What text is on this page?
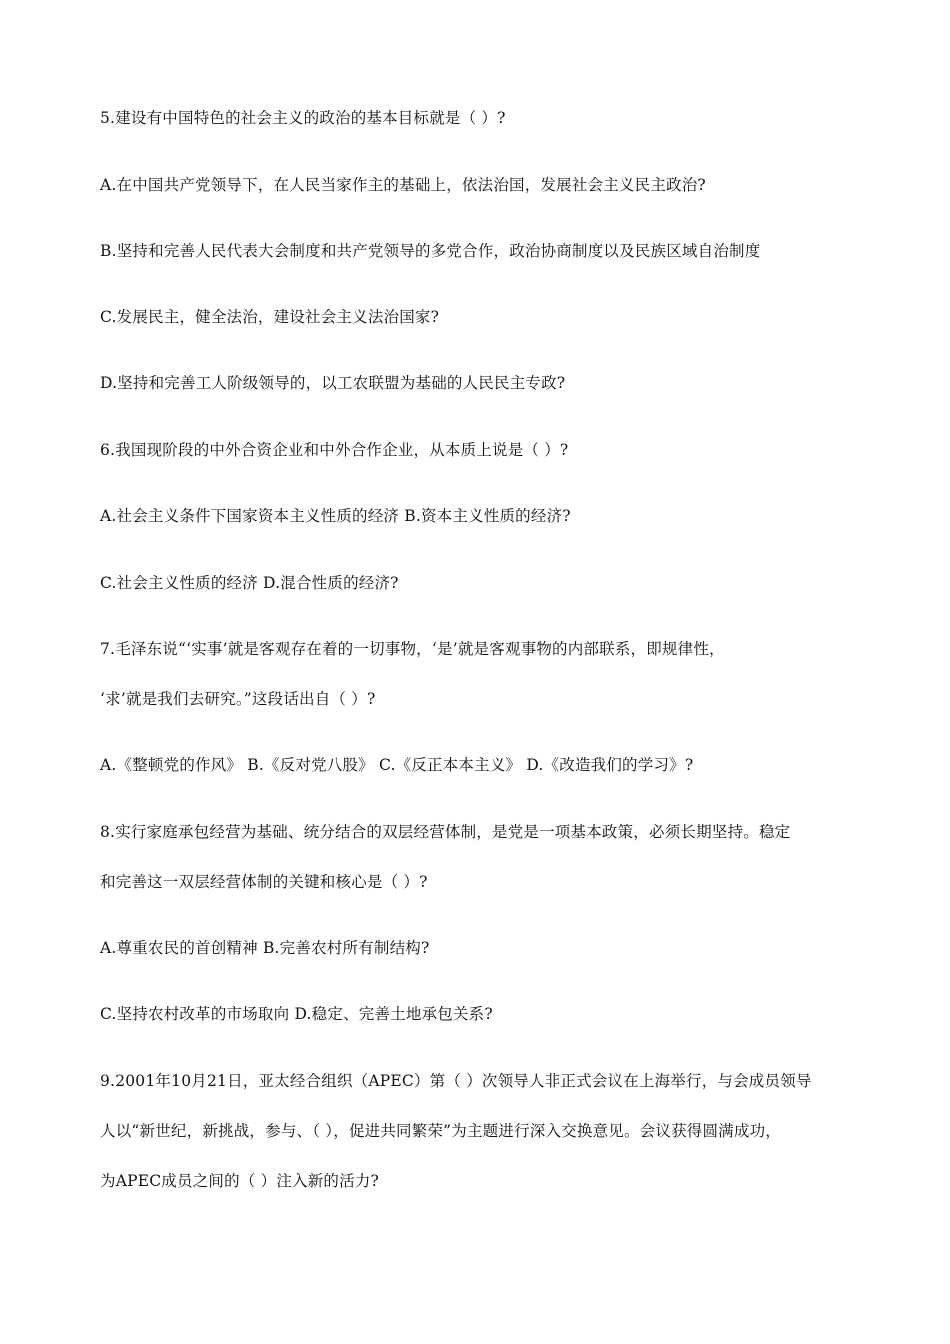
5.建设有中国特色的社会主义的政治的基本目标就是（ ）?
A.在中国共产党领导下，在人民当家作主的基础上，依法治国，发展社会主义民主政治?
B.坚持和完善人民代表大会制度和共产党领导的多党合作，政治协商制度以及民族区域自治制度
C.发展民主，健全法治，建设社会主义法治国家?
D.坚持和完善工人阶级领导的，以工农联盟为基础的人民民主专政?
6.我国现阶段的中外合资企业和中外合作企业，从本质上说是（ ）?
A.社会主义条件下国家资本主义性质的经济 B.资本主义性质的经济?
C.社会主义性质的经济 D.混合性质的经济?
7.毛泽东说“‘实事’就是客观存在着的一切事物，‘是’就是客观事物的内部联系，即规律性，
‘求’就是我们去研究。”这段话出自（ ）?
A.《整顿党的作风》 B.《反对党八股》 C.《反正本本主义》 D.《改造我们的学习》?
8.实行家庭承包经营为基础、统分结合的双层经营体制，是党是一项基本政策，必须长期坚持。稳定
和完善这一双层经营体制的关键和核心是（ ）?
A.尊重农民的首创精神 B.完善农村所有制结构?
C.坚持农村改革的市场取向 D.稳定、完善土地承包关系?
9.2001年10月21日，亚太经合组织（APEC）第（ ）次领导人非正式会议在上海举行，与会成员领导
人以“新世纪，新挑战，参与、（ ），促进共同繁荣”为主题进行深入交换意见。会议获得圆满成功，
为APEC成员之间的（ ）注入新的活力?
